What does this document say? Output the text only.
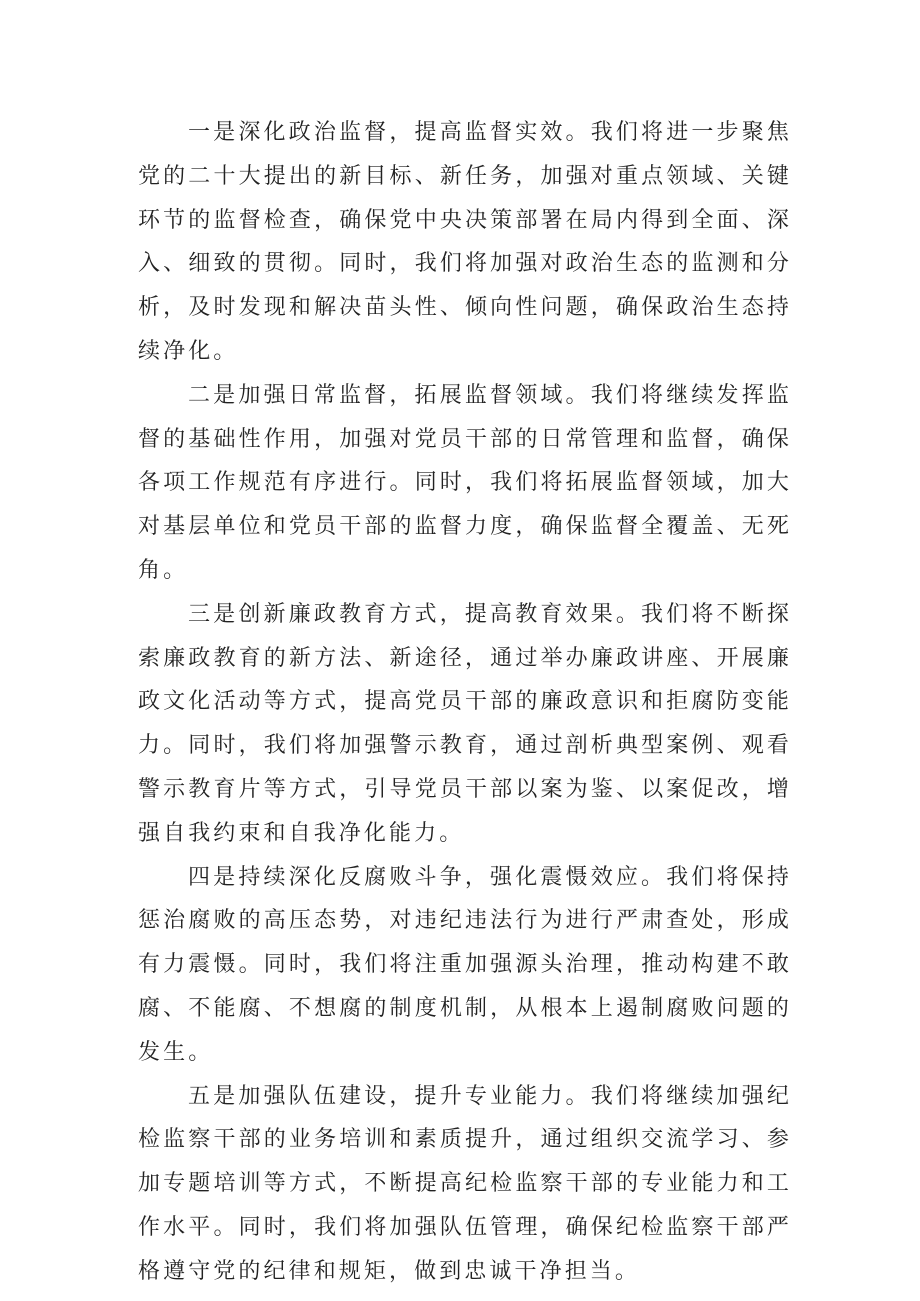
一是深化政治监督，提高监督实效。我们将进一步聚焦党的二十大提出的新目标、新任务，加强对重点领域、关键环节的监督检查，确保党中央决策部署在局内得到全面、深入、细致的贯彻。同时，我们将加强对政治生态的监测和分析，及时发现和解决苗头性、倾向性问题，确保政治生态持续净化。

二是加强日常监督，拓展监督领域。我们将继续发挥监督的基础性作用，加强对党员干部的日常管理和监督，确保各项工作规范有序进行。同时，我们将拓展监督领域，加大对基层单位和党员干部的监督力度，确保监督全覆盖、无死角。

三是创新廉政教育方式，提高教育效果。我们将不断探索廉政教育的新方法、新途径，通过举办廉政讲座、开展廉政文化活动等方式，提高党员干部的廉政意识和拒腐防变能力。同时，我们将加强警示教育，通过剖析典型案例、观看警示教育片等方式，引导党员干部以案为鉴、以案促改，增强自我约束和自我净化能力。

四是持续深化反腐败斗争，强化震慑效应。我们将保持惩治腐败的高压态势，对违纪违法行为进行严肃查处，形成有力震慑。同时，我们将注重加强源头治理，推动构建不敢腐、不能腐、不想腐的制度机制，从根本上遏制腐败问题的发生。

五是加强队伍建设，提升专业能力。我们将继续加强纪检监察干部的业务培训和素质提升，通过组织交流学习、参加专题培训等方式，不断提高纪检监察干部的专业能力和工作水平。同时，我们将加强队伍管理，确保纪检监察干部严格遵守党的纪律和规矩，做到忠诚干净担当。
